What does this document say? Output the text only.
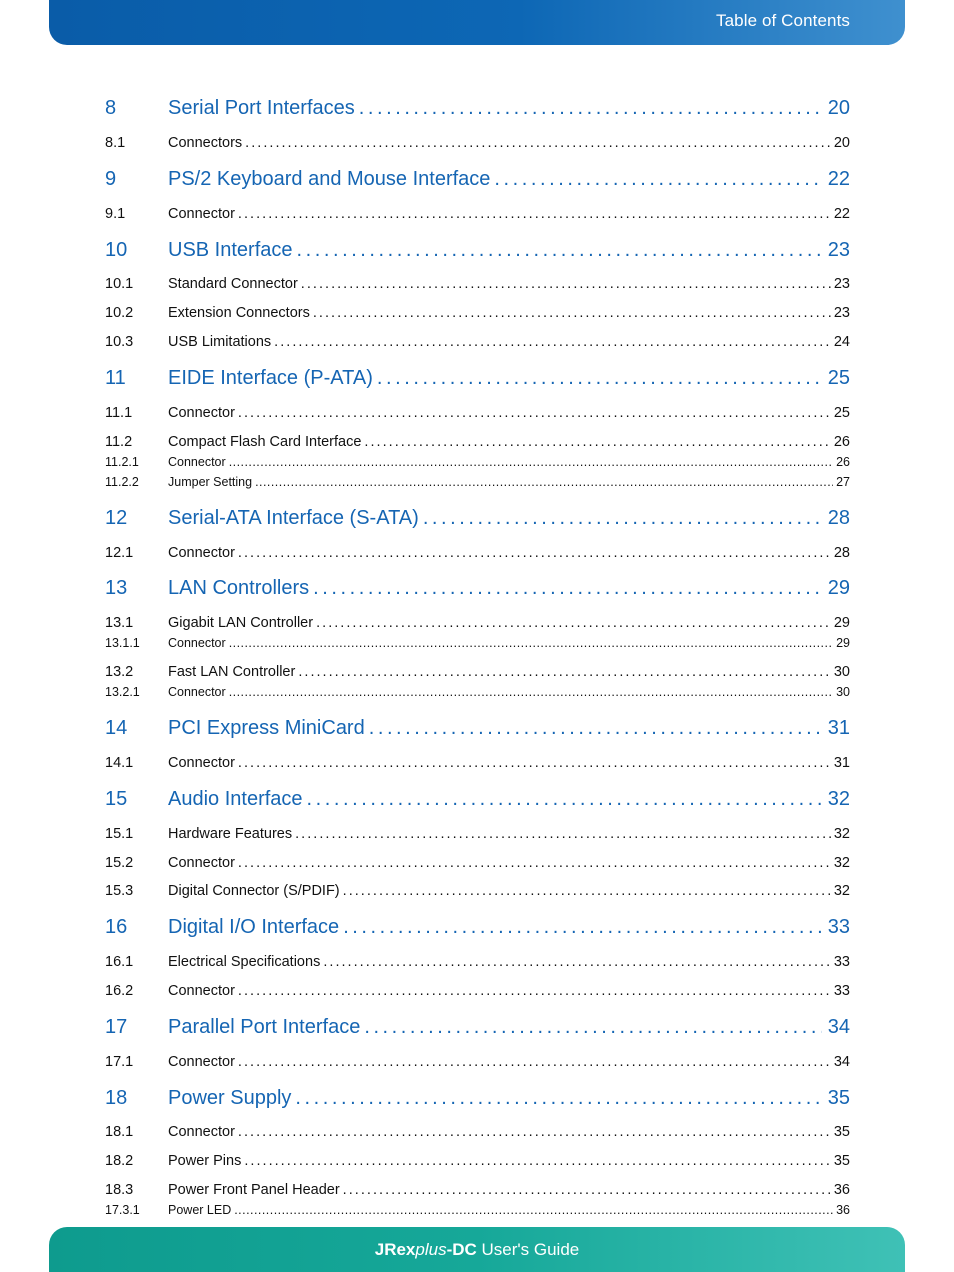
Table of Contents
8	Serial Port Interfaces . . .	20
8.1	Connectors . . .	20
9	PS/2 Keyboard and Mouse Interface . . .	22
9.1	Connector . . .	22
10	USB Interface . . .	23
10.1	Standard Connector . . .	23
10.2	Extension Connectors . . .	23
10.3	USB Limitations . . .	24
11	EIDE Interface (P-ATA) . . .	25
11.1	Connector . . .	25
11.2	Compact Flash Card Interface . . .	26
11.2.1	Connector . . .	26
11.2.2	Jumper Setting . . .	27
12	Serial-ATA Interface (S-ATA) . . .	28
12.1	Connector . . .	28
13	LAN Controllers . . .	29
13.1	Gigabit LAN Controller . . .	29
13.1.1	Connector . . .	29
13.2	Fast LAN Controller . . .	30
13.2.1	Connector . . .	30
14	PCI Express MiniCard . . .	31
14.1	Connector . . .	31
15	Audio Interface . . .	32
15.1	Hardware Features . . .	32
15.2	Connector . . .	32
15.3	Digital Connector (S/PDIF) . . .	32
16	Digital I/O Interface . . .	33
16.1	Electrical Specifications . . .	33
16.2	Connector . . .	33
17	Parallel Port Interface . . .	34
17.1	Connector . . .	34
18	Power Supply . . .	35
18.1	Connector . . .	35
18.2	Power Pins . . .	35
18.3	Power Front Panel Header . . .	36
17.3.1	Power LED . . .	36
JRexplus-DC User's Guide
